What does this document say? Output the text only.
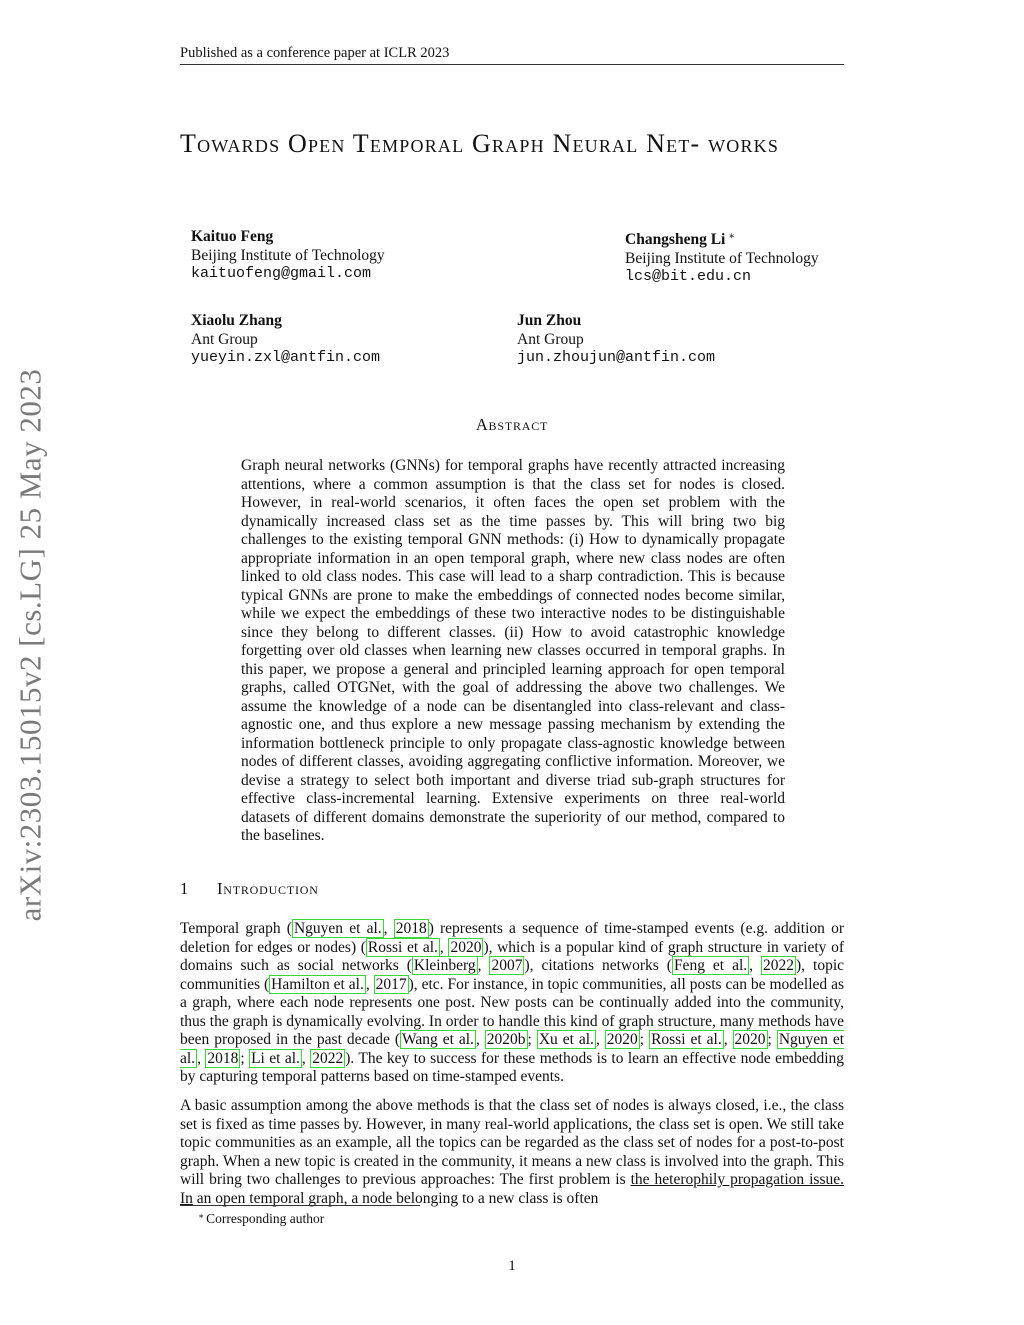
Published as a conference paper at ICLR 2023
Towards Open Temporal Graph Neural Net- works
Kaituo Feng
Beijing Institute of Technology
kaituofeng@gmail.com
Changsheng Li ∗
Beijing Institute of Technology
lcs@bit.edu.cn
Xiaolu Zhang
Ant Group
yueyin.zxl@antfin.com
Jun Zhou
Ant Group
jun.zhoujun@antfin.com
Abstract

Graph neural networks (GNNs) for temporal graphs have recently attracted increasing attentions, where a common assumption is that the class set for nodes is closed. However, in real-world scenarios, it often faces the open set problem with the dynamically increased class set as the time passes by. This will bring two big challenges to the existing temporal GNN methods: (i) How to dynamically propagate appropriate information in an open temporal graph, where new class nodes are often linked to old class nodes. This case will lead to a sharp contradiction. This is because typical GNNs are prone to make the embeddings of connected nodes become similar, while we expect the embeddings of these two interactive nodes to be distinguishable since they belong to different classes. (ii) How to avoid catastrophic knowledge forgetting over old classes when learning new classes occurred in temporal graphs. In this paper, we propose a general and principled learning approach for open temporal graphs, called OTGNet, with the goal of addressing the above two challenges. We assume the knowledge of a node can be disentangled into class-relevant and class-agnostic one, and thus explore a new message passing mechanism by extending the information bottleneck principle to only propagate class-agnostic knowledge between nodes of different classes, avoiding aggregating conflictive information. Moreover, we devise a strategy to select both important and diverse triad sub-graph structures for effective class-incremental learning. Extensive experiments on three real-world datasets of different domains demonstrate the superiority of our method, compared to the baselines.

1 Introduction

Temporal graph ( Nguyen et al. , 2018 ) represents a sequence of time-stamped events (e.g. addition or deletion for edges or nodes) ( Rossi et al. , 2020 ), which is a popular kind of graph structure in variety of domains such as social networks ( Kleinberg , 2007 ), citations networks ( Feng et al. , 2022 ), topic communities ( Hamilton et al. , 2017 ), etc. For instance, in topic communities, all posts can be modelled as a graph, where each node represents one post. New posts can be continually added into the community, thus the graph is dynamically evolving. In order to handle this kind of graph structure, many methods have been proposed in the past decade ( Wang et al. , 2020b ; Xu et al. , 2020 ; Rossi et al. , 2020 ; Nguyen et al. , 2018 ; Li et al. , 2022 ). The key to success for these methods is to learn an effective node embedding by capturing temporal patterns based on time-stamped events.

A basic assumption among the above methods is that the class set of nodes is always closed, i.e., the class set is fixed as time passes by. However, in many real-world applications, the class set is open. We still take topic communities as an example, all the topics can be regarded as the class set of nodes for a post-to-post graph. When a new topic is created in the community, it means a new class is involved into the graph. This will bring two challenges to previous approaches: The first problem is the heterophily propagation issue. In an open temporal graph, a node belonging to a new class is often

∗ Corresponding author
1
arXiv:2303.15015v2 [cs.LG] 25 May 2023
